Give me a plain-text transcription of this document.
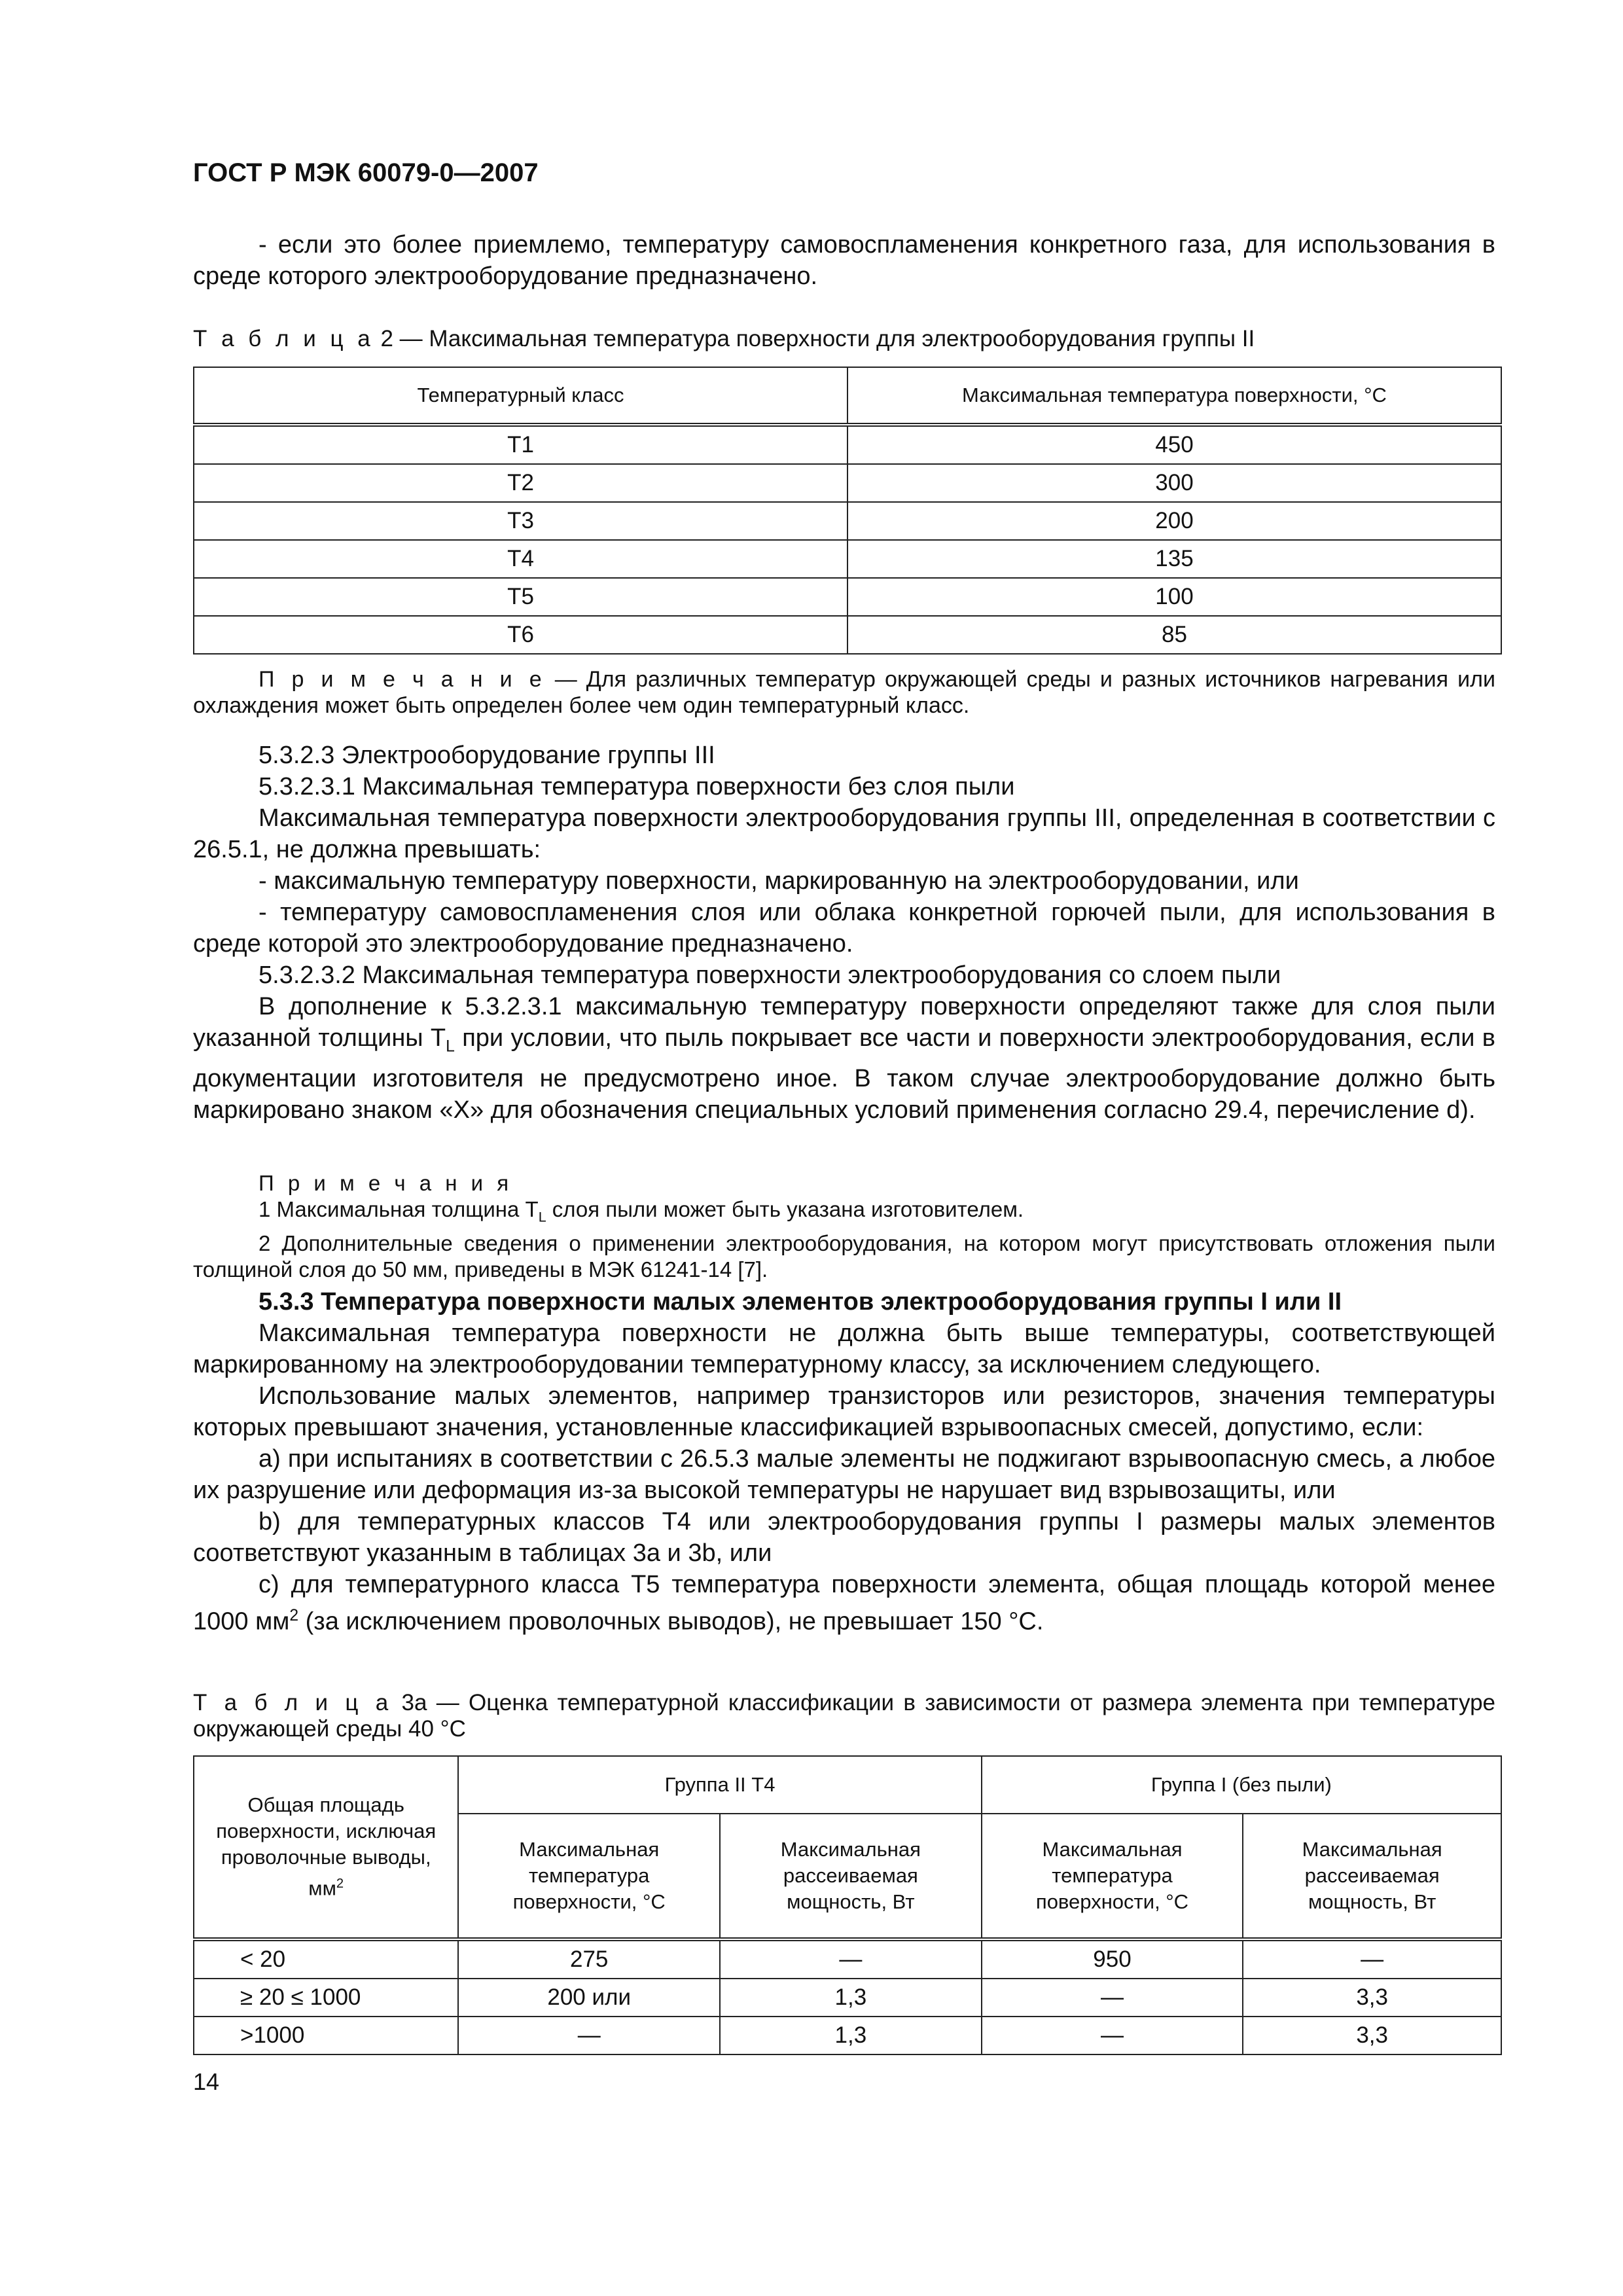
ГОСТ Р МЭК 60079-0—2007

- если это более приемлемо, температуру самовоспламенения конкретного газа, для использования в среде которого электрооборудование предназначено.

Т а б л и ц а 2 — Максимальная температура поверхности для электрооборудования группы II

Температурный класс	Максимальная температура поверхности, °С
Т1	450
Т2	300
Т3	200
Т4	135
Т5	100
Т6	85

П р и м е ч а н и е — Для различных температур окружающей среды и разных источников нагревания или охлаждения может быть определен более чем один температурный класс.

5.3.2.3 Электрооборудование группы III

5.3.2.3.1 Максимальная температура поверхности без слоя пыли

Максимальная температура поверхности электрооборудования группы III, определенная в соответствии с 26.5.1, не должна превышать:

- максимальную температуру поверхности, маркированную на электрооборудовании, или

- температуру самовоспламенения слоя или облака конкретной горючей пыли, для использования в среде которой это электрооборудование предназначено.

5.3.2.3.2 Максимальная температура поверхности электрооборудования со слоем пыли

В дополнение к 5.3.2.3.1 максимальную температуру поверхности определяют также для слоя пыли указанной толщины $T_L$ при условии, что пыль покрывает все части и поверхности электрооборудования, если в документации изготовителя не предусмотрено иное. В таком случае электрооборудование должно быть маркировано знаком «X» для обозначения специальных условий применения согласно 29.4, перечисление d).

П р и м е ч а н и я

1 Максимальная толщина $T_L$ слоя пыли может быть указана изготовителем.

2 Дополнительные сведения о применении электрооборудования, на котором могут присутствовать отложения пыли толщиной слоя до 50 мм, приведены в МЭК 61241-14 [7].

5.3.3 Температура поверхности малых элементов электрооборудования группы I или II

Максимальная температура поверхности не должна быть выше температуры, соответствующей маркированному на электрооборудовании температурному классу, за исключением следующего.

Использование малых элементов, например транзисторов или резисторов, значения температуры которых превышают значения, установленные классификацией взрывоопасных смесей, допустимо, если:

а) при испытаниях в соответствии с 26.5.3 малые элементы не поджигают взрывоопасную смесь, а любое их разрушение или деформация из-за высокой температуры не нарушает вид взрывозащиты, или

b) для температурных классов Т4 или электрооборудования группы I размеры малых элементов соответствуют указанным в таблицах 3а и 3b, или

с) для температурного класса Т5 температура поверхности элемента, общая площадь которой менее 1000 $мм^2$ (за исключением проволочных выводов), не превышает 150 °С.

Т а б л и ц а 3а — Оценка температурной классификации в зависимости от размера элемента при температуре окружающей среды 40 °С

Общая площадь поверхности, исключая проволочные выводы, $мм^2$	Группа II Т4		Группа I (без пыли)	
	Максимальная температура поверхности, °С	Максимальная рассеиваемая мощность, Вт	Максимальная температура поверхности, °С	Максимальная рассеиваемая мощность, Вт
< 20	275	—	950	—
≥ 20 ≤ 1000	200 или	1,3	—	3,3
>1000	—	1,3	—	3,3
14
